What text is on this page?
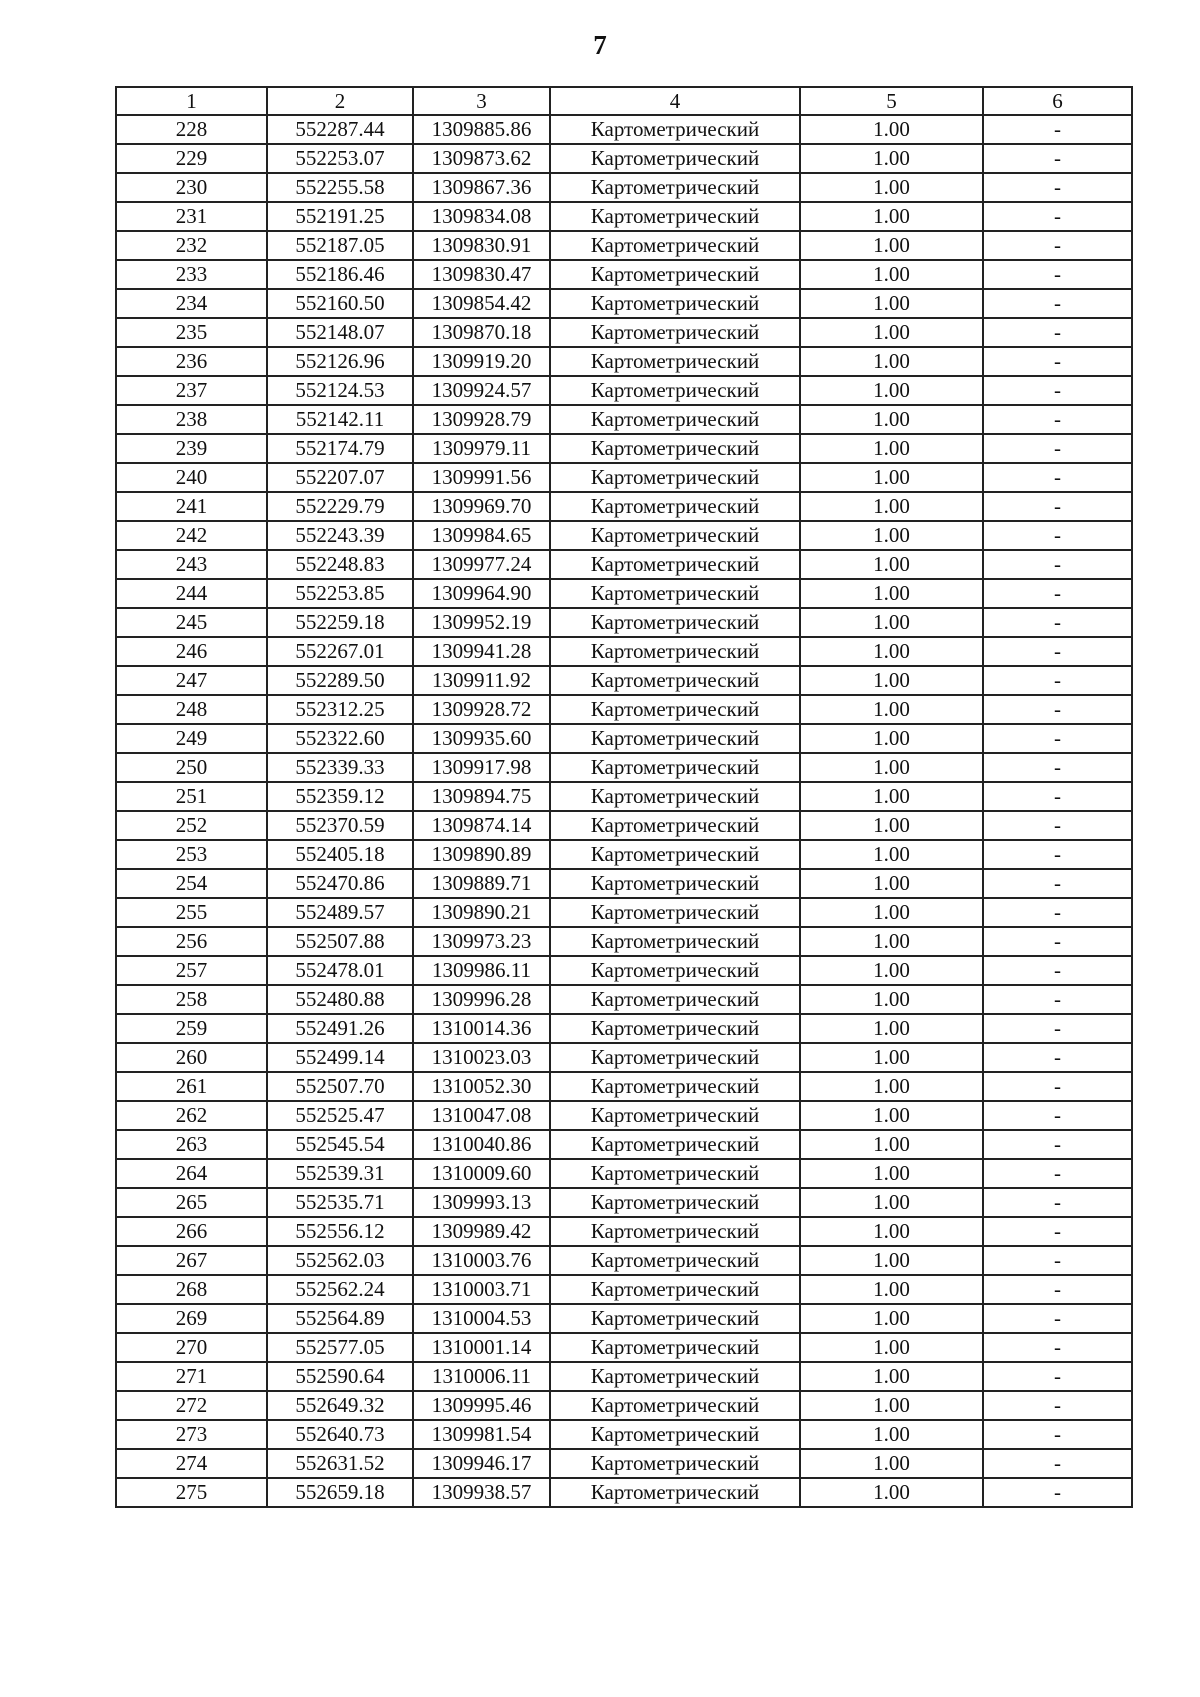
7
1	2	3	4	5	6
228	552287.44	1309885.86	Картометрический	1.00	-
229	552253.07	1309873.62	Картометрический	1.00	-
230	552255.58	1309867.36	Картометрический	1.00	-
231	552191.25	1309834.08	Картометрический	1.00	-
232	552187.05	1309830.91	Картометрический	1.00	-
233	552186.46	1309830.47	Картометрический	1.00	-
234	552160.50	1309854.42	Картометрический	1.00	-
235	552148.07	1309870.18	Картометрический	1.00	-
236	552126.96	1309919.20	Картометрический	1.00	-
237	552124.53	1309924.57	Картометрический	1.00	-
238	552142.11	1309928.79	Картометрический	1.00	-
239	552174.79	1309979.11	Картометрический	1.00	-
240	552207.07	1309991.56	Картометрический	1.00	-
241	552229.79	1309969.70	Картометрический	1.00	-
242	552243.39	1309984.65	Картометрический	1.00	-
243	552248.83	1309977.24	Картометрический	1.00	-
244	552253.85	1309964.90	Картометрический	1.00	-
245	552259.18	1309952.19	Картометрический	1.00	-
246	552267.01	1309941.28	Картометрический	1.00	-
247	552289.50	1309911.92	Картометрический	1.00	-
248	552312.25	1309928.72	Картометрический	1.00	-
249	552322.60	1309935.60	Картометрический	1.00	-
250	552339.33	1309917.98	Картометрический	1.00	-
251	552359.12	1309894.75	Картометрический	1.00	-
252	552370.59	1309874.14	Картометрический	1.00	-
253	552405.18	1309890.89	Картометрический	1.00	-
254	552470.86	1309889.71	Картометрический	1.00	-
255	552489.57	1309890.21	Картометрический	1.00	-
256	552507.88	1309973.23	Картометрический	1.00	-
257	552478.01	1309986.11	Картометрический	1.00	-
258	552480.88	1309996.28	Картометрический	1.00	-
259	552491.26	1310014.36	Картометрический	1.00	-
260	552499.14	1310023.03	Картометрический	1.00	-
261	552507.70	1310052.30	Картометрический	1.00	-
262	552525.47	1310047.08	Картометрический	1.00	-
263	552545.54	1310040.86	Картометрический	1.00	-
264	552539.31	1310009.60	Картометрический	1.00	-
265	552535.71	1309993.13	Картометрический	1.00	-
266	552556.12	1309989.42	Картометрический	1.00	-
267	552562.03	1310003.76	Картометрический	1.00	-
268	552562.24	1310003.71	Картометрический	1.00	-
269	552564.89	1310004.53	Картометрический	1.00	-
270	552577.05	1310001.14	Картометрический	1.00	-
271	552590.64	1310006.11	Картометрический	1.00	-
272	552649.32	1309995.46	Картометрический	1.00	-
273	552640.73	1309981.54	Картометрический	1.00	-
274	552631.52	1309946.17	Картометрический	1.00	-
275	552659.18	1309938.57	Картометрический	1.00	-
